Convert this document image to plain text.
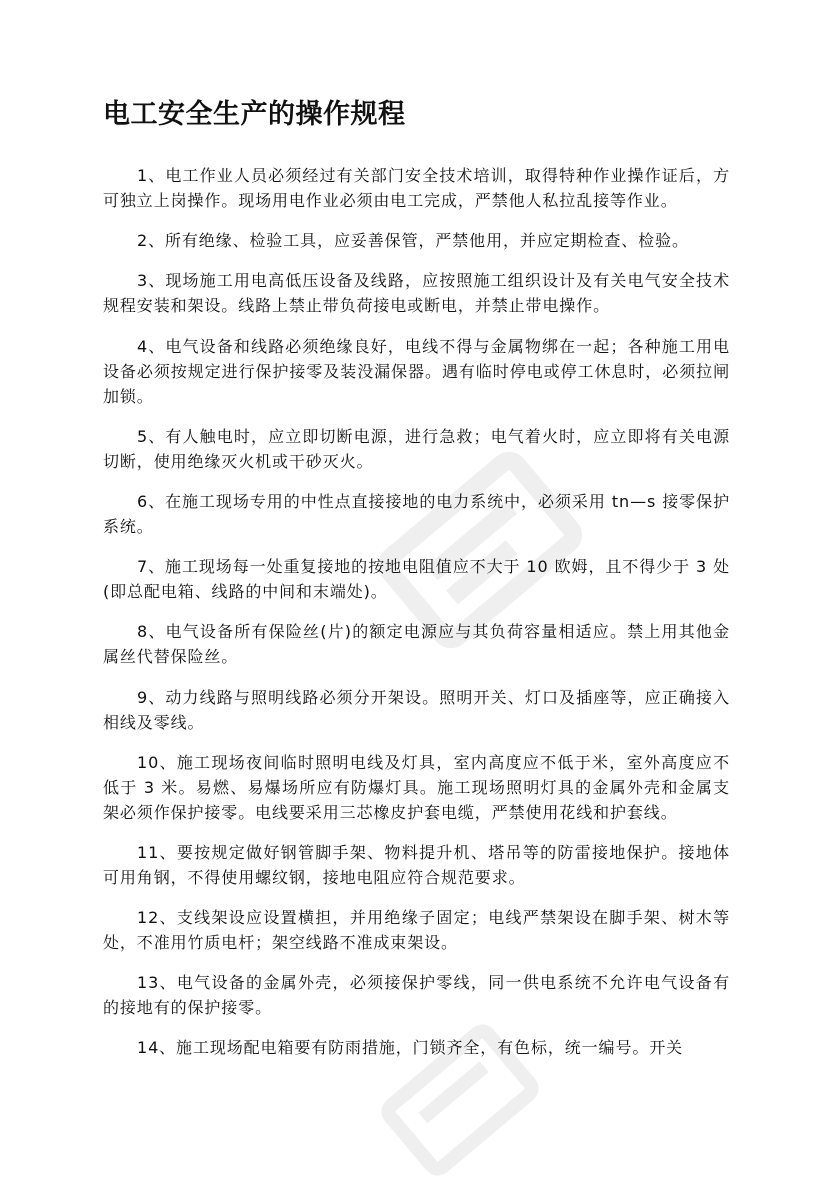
电工安全生产的操作规程

1、电工作业人员必须经过有关部门安全技术培训，取得特种作业操作证后，方可独立上岗操作。现场用电作业必须由电工完成，严禁他人私拉乱接等作业。

2、所有绝缘、检验工具，应妥善保管，严禁他用，并应定期检查、检验。

3、现场施工用电高低压设备及线路，应按照施工组织设计及有关电气安全技术规程安装和架设。线路上禁止带负荷接电或断电，并禁止带电操作。

4、电气设备和线路必须绝缘良好，电线不得与金属物绑在一起；各种施工用电设备必须按规定进行保护接零及装没漏保器。遇有临时停电或停工休息时，必须拉闸加锁。

5、有人触电时，应立即切断电源，进行急救；电气着火时，应立即将有关电源切断，使用绝缘灭火机或干砂灭火。

6、在施工现场专用的中性点直接接地的电力系统中，必须采用 tn—s 接零保护系统。

7、施工现场每一处重复接地的按地电阻值应不大于 10 欧姆，且不得少于 3 处(即总配电箱、线路的中间和末端处)。

8、电气设备所有保险丝(片)的额定电源应与其负荷容量相适应。禁上用其他金属丝代替保险丝。

9、动力线路与照明线路必须分开架设。照明开关、灯口及插座等，应正确接入相线及零线。

10、施工现场夜间临时照明电线及灯具，室内高度应不低于米，室外高度应不低于 3 米。易燃、易爆场所应有防爆灯具。施工现场照明灯具的金属外壳和金属支架必须作保护接零。电线要采用三芯橡皮护套电缆，严禁使用花线和护套线。

11、要按规定做好钢管脚手架、物料提升机、塔吊等的防雷接地保护。接地体可用角钢，不得使用螺纹钢，接地电阻应符合规范要求。

12、支线架设应设置横担，并用绝缘子固定；电线严禁架设在脚手架、树木等处，不准用竹质电杆；架空线路不准成束架设。

13、电气设备的金属外壳，必须接保护零线，同一供电系统不允许电气设备有的接地有的保护接零。

14、施工现场配电箱要有防雨措施，门锁齐全，有色标，统一编号。开关
